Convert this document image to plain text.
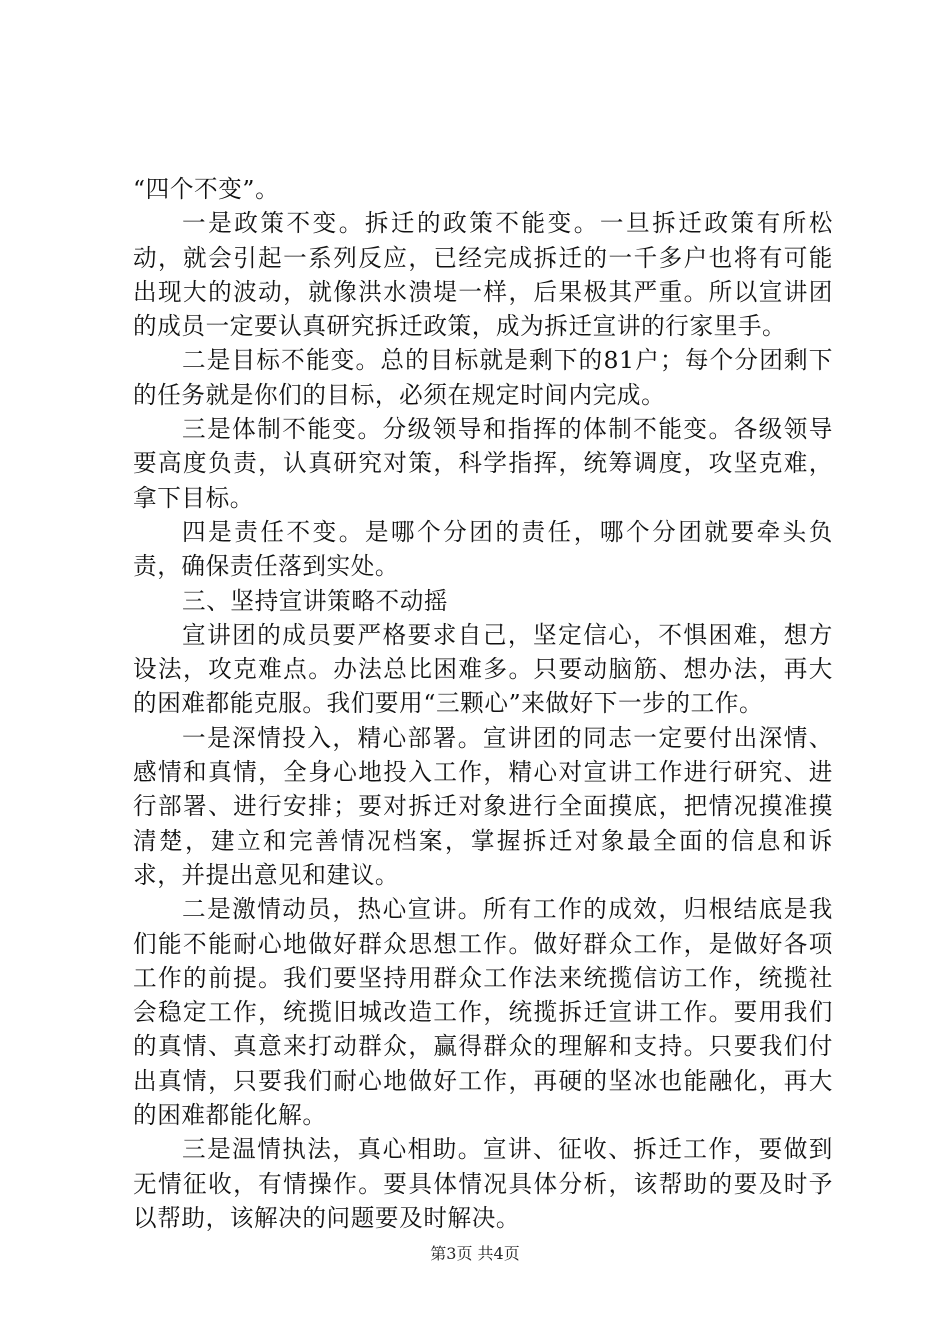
“四个不变”。

一是政策不变。拆迁的政策不能变。一旦拆迁政策有所松动，就会引起一系列反应，已经完成拆迁的一千多户也将有可能出现大的波动，就像洪水溃堤一样，后果极其严重。所以宣讲团的成员一定要认真研究拆迁政策，成为拆迁宣讲的行家里手。

二是目标不能变。总的目标就是剩下的81户；每个分团剩下的任务就是你们的目标，必须在规定时间内完成。

三是体制不能变。分级领导和指挥的体制不能变。各级领导要高度负责，认真研究对策，科学指挥，统筹调度，攻坚克难，拿下目标。

四是责任不变。是哪个分团的责任，哪个分团就要牵头负责，确保责任落到实处。

三、坚持宣讲策略不动摇

宣讲团的成员要严格要求自己，坚定信心，不惧困难，想方设法，攻克难点。办法总比困难多。只要动脑筋、想办法，再大的困难都能克服。我们要用“三颗心”来做好下一步的工作。

一是深情投入，精心部署。宣讲团的同志一定要付出深情、感情和真情，全身心地投入工作，精心对宣讲工作进行研究、进行部署、进行安排；要对拆迁对象进行全面摸底，把情况摸准摸清楚，建立和完善情况档案，掌握拆迁对象最全面的信息和诉求，并提出意见和建议。

二是激情动员，热心宣讲。所有工作的成效，归根结底是我们能不能耐心地做好群众思想工作。做好群众工作，是做好各项工作的前提。我们要坚持用群众工作法来统揽信访工作，统揽社会稳定工作，统揽旧城改造工作，统揽拆迁宣讲工作。要用我们的真情、真意来打动群众，赢得群众的理解和支持。只要我们付出真情，只要我们耐心地做好工作，再硬的坚冰也能融化，再大的困难都能化解。

三是温情执法，真心相助。宣讲、征收、拆迁工作，要做到无情征收，有情操作。要具体情况具体分析，该帮助的要及时予以帮助，该解决的问题要及时解决。

第3页 共4页
